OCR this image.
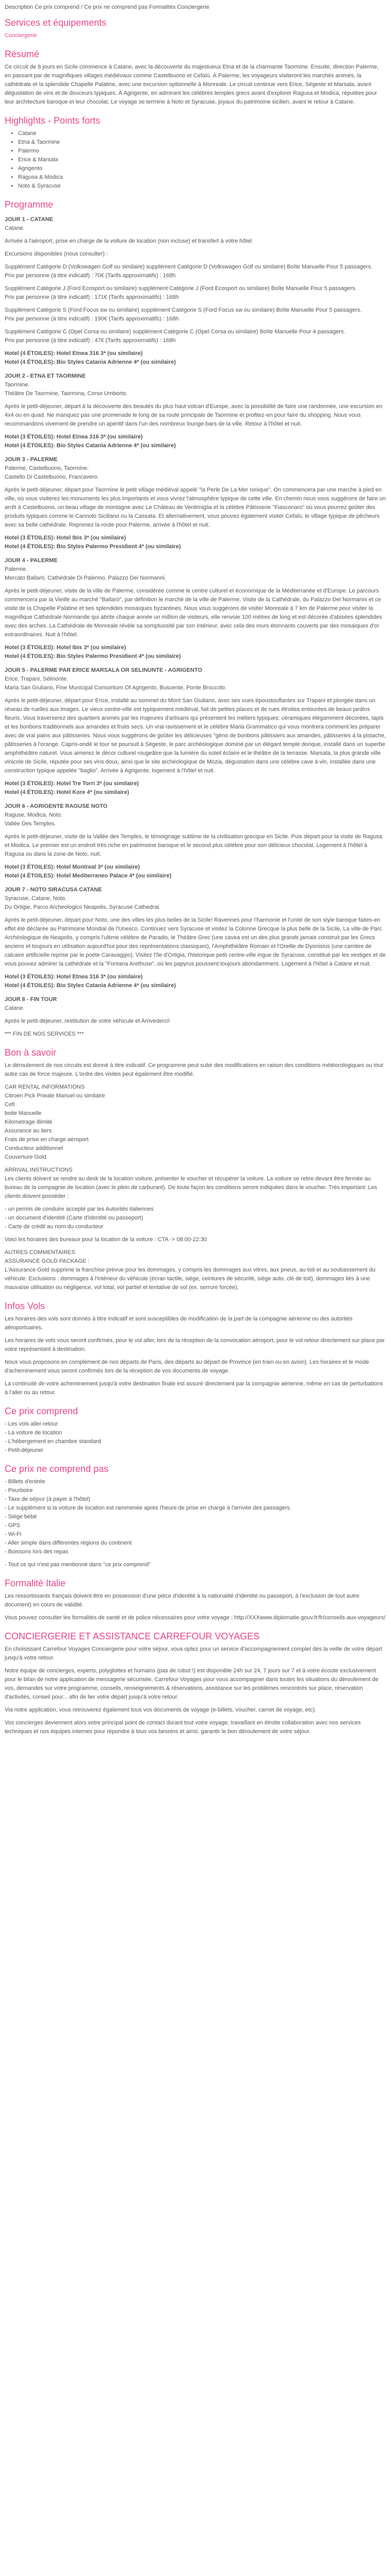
Description Ce prix comprend / Ce prix ne comprend pas Formalités Conciergerie
Services et équipements
Conciergerie
Résumé

Ce circuit de 8 jours en Sicile commence à Catane, avec la découverte du majestueux Etna et de la charmante Taormine. Ensuite, direction Palerme, en passant par de magnifiques villages médiévaux comme Castelbuono et Cefalù. À Palerme, les voyageurs visiteront les marchés animés, la cathédrale et la splendide Chapelle Palatine, avec une excursion optionnelle à Monreale. Le circuit continue vers Erice, Ségeste et Marsala, avant dégustation de vins et de douceurs typiques. À Agrigente, en admirant les célèbres temples grecs avant d'explorer Ragusa et Modica, réputées pour leur architecture baroque et leur chocolat. Le voyage se termine à Noto et Syracuse, joyaux du patrimoine sicilien, avant le retour à Catane.

Highlights - Points forts
• Catane
• Etna & Taormine
• Palermo
• Erice & Marsala
• Agrigento
• Ragusa & Modica
• Noto & Syracuse
Programme
JOUR 1 - CATANE

Catane.

Arrivée à l'aéroport, prise en charge de la voiture de location (non incluse) et transfert à votre hôtel.

Excursions disponibles (nous consulter) :

Supplément Catégorie D (Volkswagen Golf ou similaire) supplément Catégorie D (Volkswagen Golf ou similaire) Boîte Manuelle Pour 5 passagers.
Prix par personne (à titre indicatif) : 70€ (Tarifs approximatifs) : 168h

Supplément Catégorie J (Ford Ecosport ou similaire) supplément Catégorie J (Ford Ecosport ou similaire) Boîte Manuelle Pour 5 passagers.
Prix par personne (à titre indicatif) : 171€ (Tarifs approximatifs) : 168h

Supplément Catégorie S (Ford Focus sw ou similaire) supplément Catégorie S (Ford Focus sw ou similaire) Boîte Manuelle Pour 5 passagers.
Prix par personne (à titre indicatif) : 190€ (Tarifs approximatifs) : 168h

Supplément Catégorie C (Opel Corsa ou similaire) supplément Catégorie C (Opel Corsa ou similaire) Boîte Manuelle Pour 4 passagers.
Prix par personne (à titre indicatif) : 47€ (Tarifs approximatifs) : 168h

Hotel (4 ÉTOILES): Hotel Etnea 316 3* (ou similaire)
Hotel (4 ÉTOILES): Bio Styles Catania Adrienne 4* (ou similaire)

JOUR 2 - ETNA ET TAORMINE

Taormine.
Théâtre De Taormine, Taormina, Corso Umberto.

Après le petit-déjeuner, départ à la découverte des beautés du plus haut volcan d'Europe, avec la possibilité de faire une randonnée, une excursion en 4x4 ou en quad. Ne manquez pas une promenade le long de sa route principale de Taormine et profitez-en pour faire du shopping. Nous vous recommandons vivement de prendre un apéritif dans l'un des nombreux lounge-bars de la ville. Retour à l'hôtel et nuit.

Hotel (3 ÉTOILES): Hotel Etnea 316 3* (ou similaire)
Hotel (4 ÉTOILES): Bio Styles Catania Adrienne 4* (ou similaire)

JOUR 3 - PALERME

Palerme, Castelbuono, Taormine.
Castello Di Castelbuono, Francavero.

Après le petit-déjeuner, départ pour Taormine le petit village médiéval appelé "la Perle De La Mer Ionique". On commencera par une marche à pied en ville, où vous visiterez les monuments les plus importants et vous vivrez l'atmosphère typique de cette ville. En chemin nous vous suggérons de faire un arrêt à Castelbuono, un beau village de montagne avec Le Château de Ventimiglia et la célèbre Pâtisserie "Fiasconaro" où vous pourrez goûter des produits typiques comme le Cannolo Siciliano ou la Cassata. Et alternativement, vous pouvez également visiter Cefalù, le village typique de pêcheurs avec sa belle cathédrale. Reprenez la route pour Palerme, arrivée à l'hôtel et nuit.

Hotel (3 ÉTOILES): Hotel Ibis 3* (ou similaire)
Hotel (4 ÉTOILES): Bio Styles Palermo Presidient 4* (ou similaire)

JOUR 4 - PALERME

Palerme.
Mercato Ballarò, Cathédrale Di Palermo, Palazzo Dei Normanni.

Après le petit-déjeuner, visite de la ville de Palerme, considérée comme le centre culturel et économique de la Méditerranée et d'Europe. Le parcours commencera par la Vieille au marché "Ballarò", par définition le marché de la ville de Palerme. Visite de la Cathédrale, du Palazzo Dei Normanni et ce visite de la Chapelle Palatine et ses splendides mosaïques byzantines. Nous vous suggérons de visiter Monreale à 7 km de Palerme pour visiter la magnifique Cathédrale Normande qui abrite chaque année un million de visiteurs, elle renvoie 100 mètres de long et est décorée d'abisées splendides avec des arches. La Cathédrale de Monreale révèle sa somptuosité par son intérieur, avec cela des murs étonnants couverts par des mosaïques d'or extraordinaires. Nuit à l'hôtel.

Hotel (3 ÉTOILES): Hotel Ibis 3* (ou similaire)
Hotel (4 ÉTOILES): Bio Styles Palermo Presidient 4* (ou similaire)

JOUR 5 - PALERME PAR ERICE MARSALA OR SELINUNTE - AGRIGENTO

Erice, Trapani, Sélinonte.
Maria San Giuliano, Fine Municipal Consortium Of Agrigento, Buscente, Ponte Broccolo.

Après le petit-déjeuner, départ pour Erice, installé au sommet du Mont San Giuliano, avec ses vues époustouflantes sur Trapani et plongée dans un réseau de ruelles aux images. Le vieux centre-ville est typiquement médiéval, fait de petites places et de rues étroites entourées de beaux jardins fleuris. Vous traverserez des quartiers animés par les majeures d'artisans qui présentent les métiers typiques: céramiques élégamment décorées, tapis et les bonbons traditionnels aux amandes et fruits secs. Un vrai ravissement et le célèbre Maria Grammatico qui vous montrera comment les préparer avec de vrai pains aux pâtisseries. Nous vous suggérons de goûter les délicieuses "géno de bonbons pâtissiers aux amandes, pâtisseries à la pistache, pâtisseries à l'orange. Capris-ondé le tour se poursuit à Ségeste, le parc archéologique dominé par un élégant temple dorique, installé dans un superbe amphithéâtre naturel. Vous aimerez le décor culturel rougeâtre que la lumière du soleil éclaire et le théâtre de la terrasse. Marsala, la plus grande ville vinicole de Sicile, réputée pour ses vins doux, ainsi que le site archéologique de Mozia, dégustation dans une célèbre cave à vin, installée dans une construction typique appelée "baglio". Arrivée à Agrigente, logement à l'hôtel et nuit.

Hotel (3 ÉTOILES): Hotel Tre Torri 3* (ou similaire)
Hotel (4 ÉTOILES): Hotel Kore 4* (ou similaire)

JOUR 6 - AGRIGENTE RAGUSE NOTO

Raguse, Modica, Noto.
Vallée Des Temples.

Après le petit-déjeuner, visite de la Vallée des Temples, le témoignage sublime de la civilisation grecque en Sicile. Puis départ pour la visite de Ragusa et Modica. Le premier est un endroit très riche en patrimoine baroque et le second plus célèbre pour son délicieux chocolat. Logement à l'hôtel à Ragusa ou dans la zone de Noto, nuit.

Hotel (3 ÉTOILES): Hotel Montreal 3* (ou similaire)
Hotel (4 ÉTOILES): Hotel Mediterraneo Palace 4* (ou similaire)

JOUR 7 - NOTO SIRACUSA CATANE

Syracuse, Catane, Noto.
Du Ortigie, Parco Archeologico Neapolis, Syracuse Cathedral.

Après le petit-déjeuner, départ pour Noto, une des villes les plus belles de la Sicile! Ravennes pour l'harmonie et l'unité de son style baroque faites-en effet été déclarée au Patrimoine Mondial de l'Unesco. Continuez vers Syracuse et visitez la Colonne Grecque la plus belle de la Sicile, La ville de Parc Archéologique de Neapolis, y compris l'ultime célèbre de Paradis, le Théâtre Grec (une cavea est un des plus grands jamais construit par les Grecs anciens et toujours en utilisation aujourd'hui pour des représentations classiques), l'Amphithéâtre Romain et l'Oreille de Dyonisius (une carrière de calcaire artificielle reprise par le poète Caravaggio). Visitez l'île d'Ortigia, l'historique petit centre-ville ingue de Syracuse, constitué par les vestiges et de vous pouvez admirer la cathédrale et la "Fontana Arethuse", où les papyrus poussent toujours abondamment. Logement à l'hôtel à Catane et nuit.

Hotel (3 ÉTOILES): Hotel Etnea 316 3* (ou similaire)
Hotel (4 ÉTOILES): Bio Styles Catania Adrienne 4* (ou similaire)

JOUR 8 - FIN TOUR

Catane.

Après le petit-déjeuner, restitution de votre véhicule et Arrivederci!

*** FIN DE NOS SERVICES ***

Bon à savoir

Le déroulement de nos circuits est donné à titre indicatif. Ce programme peut subir des modifications en raison des conditions météorologiques ou tout autre cas de force majeure. L'ordre des visites peut également être modifié.

CAR RENTAL INFORMATIONS
Citroen Pick Pneale Manuel ou similaire
Cefi
boite Manuelle
Kilometrage illimité
Assurance au tiers
Frais de prise en charge aéroport
Conducteur additionnel
Couverture Gold

ARRIVAL INSTRUCTIONS
Les clients doivent se rendre au desk de la location voiture, présenter le voucher et récupérer la voiture. La voiture se retire devant être fermée au bureau de la compagnie de location (avec le plein de carburant). De toute façon les conditions seront indiquées dans le voucher. Très important: Les clients doivent posséder :

- un permis de conduire accepté par les Autorités italiennes
- un document d'identité (Carte d'Identité ou passeport)
- Carte de crédit au nom du conducteur

Voici les horaires des bureaux pour la location de la voiture : CTA -> 08:00-22:30

AUTRES COMMENTAIRES
ASSURANCE GOLD PACKAGE :
L'Assurance Gold supprime la franchise prévue pour les dommages, y compris les dommages aux vitres, aux pneus, au toit et au soubassement du véhicule. Exclusions : dommages à l'intérieur du véhicule (écran tactile, siège, ceintures de sécurité, siège auto, clé de toit), dommages liés à une mauvaise utilisation ou négligence, vol total, vol partiel et tentative de vol (ex. serrure forcée).

Infos Vols

Les horaires des vols sont donnés à titre indicatif et sont susceptibles de modification de la part de la compagnie aérienne ou des autorités aéroportuaires.

Les horaires de vols vous seront confirmés, pour le vol aller, lors de la réception de la convocation aéroport, pour le vol retour directement sur place par votre représentant à destination.

Nous vous proposons en complément de nos départs de Paris, des départs au départ de Province (en train ou en avion). Les horaires et le mode d'acheminement vous seront confirmés lors de la réception de vos documents de voyage.

La continuité de votre acheminement jusqu'à votre destination finale est assuré directement par la compagnie aérienne, même en cas de perturbations à l'aller ou au retour.

Ce prix comprend

- Les vols aller-retour
- La voiture de location
- L'hébergement en chambre standard
- Petit-déjeuner

Ce prix ne comprend pas

- Billets d'entrée
- Pourboire
- Taxe de séjour (à payer à l'hôtel)
- Le supplément si la voiture de location est rammenée après l'heure de prise en charge à l'arrivée des passagers.
- Siège bébé
- GPS
- Wi-Fi
- Aller simple dans différentes régions du continent
- Boissons lors des repas

- Tout ce qui n'est pas mentionné dans "ce prix comprend"

Formalité Italie

Les ressortissants français doivent être en possession d'une pièce d'identité à la nationalité d'identité ou passeport, à l'exclusion de tout autre document) en cours de validité.

Vous pouvez consulter les formalités de santé et de police nécessaires pour votre voyage : http://XXXwww.diplomatie.gouv.fr/fr/conseils-aux-voyageurs/

CONCIERGERIE ET ASSISTANCE CARREFOUR VOYAGES

En choisissant Carrefour Voyages Conciergerie pour votre séjour, vous optez pour un service d'accompagnement complet dès la veille de votre départ jusqu'à votre retour.

Notre équipe de concierges, experts, polyglottes et humains (pas de robot !) est disponible 24h sur 24, 7 jours sur 7 et à votre écoute exclusivement pour le bilan de notre application de messagerie sécurisée, Carrefour Voyages pour vous accompagner dans toutes les situations du déroulement de vos, demandes sur votre programme, conseils, renseignements & réservations, assistance sur les problèmes rencontrés sur place, réservation d'activités, conseil pour... afin de lier votre départ jusqu'à votre retour.

Via notre application, vous retrouverez également tous vos documents de voyage (e-billets, voucher, carnet de voyage, etc).

Vos concierges deviennent alors votre principal point de contact durant tout votre voyage, travaillant en étroite collaboration avec nos services techniques et nos équipes internes pour répondre à tous vos besoins et ainsi, garantir le bon déroulement de votre séjour.
